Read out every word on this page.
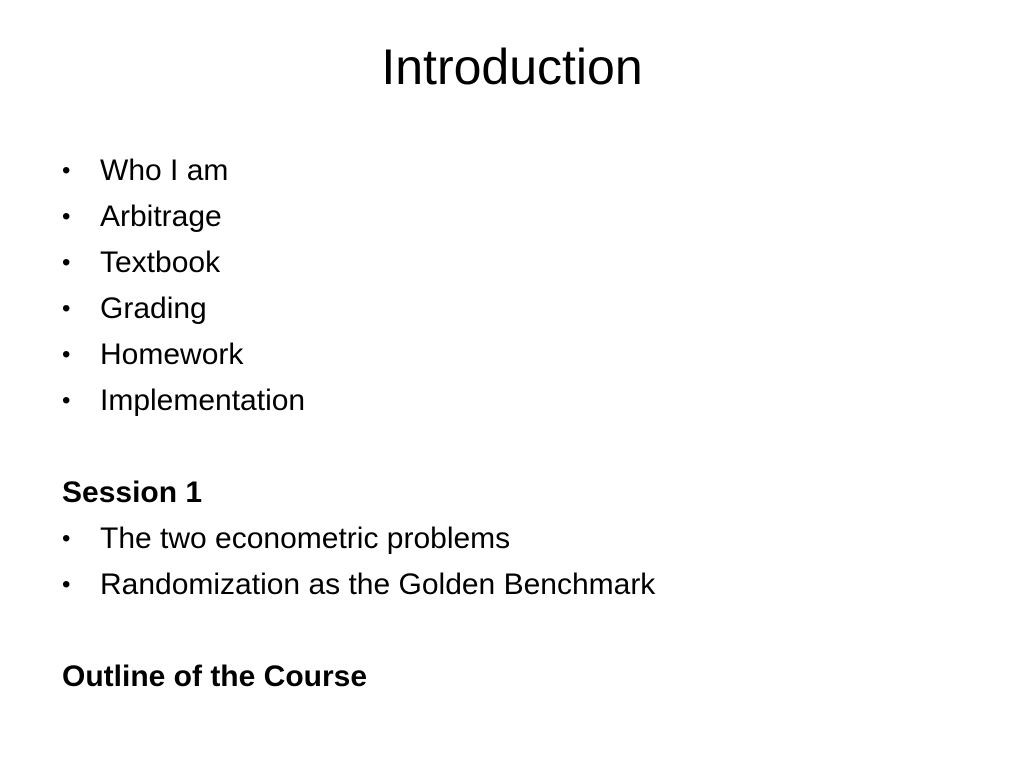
Introduction
• Who I am
• Arbitrage
• Textbook
• Grading
• Homework
• Implementation
Session 1
• The two econometric problems
• Randomization as the Golden Benchmark
Outline of the Course
